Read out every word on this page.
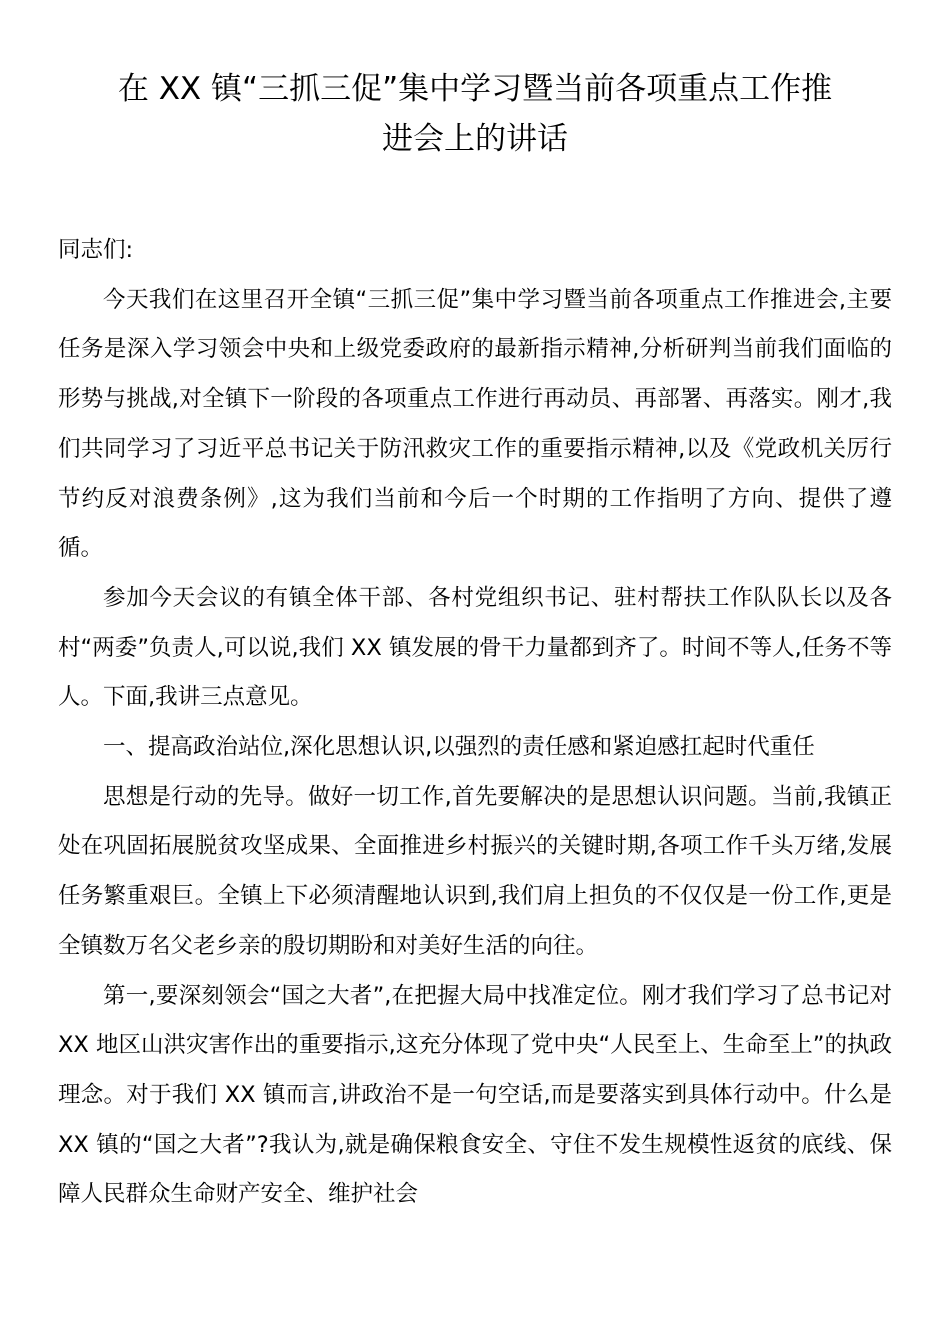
在 XX 镇“三抓三促”集中学习暨当前各项重点工作推
进会上的讲话

同志们:

今天我们在这里召开全镇“三抓三促”集中学习暨当前各项重点工作推进会,主要任务是深入学习领会中央和上级党委政府的最新指示精神,分析研判当前我们面临的形势与挑战,对全镇下一阶段的各项重点工作进行再动员、再部署、再落实。刚才,我们共同学习了习近平总书记关于防汛救灾工作的重要指示精神,以及《党政机关厉行节约反对浪费条例》,这为我们当前和今后一个时期的工作指明了方向、提供了遵循。

参加今天会议的有镇全体干部、各村党组织书记、驻村帮扶工作队队长以及各村“两委”负责人,可以说,我们 XX 镇发展的骨干力量都到齐了。时间不等人,任务不等人。下面,我讲三点意见。

一、提高政治站位,深化思想认识,以强烈的责任感和紧迫感扛起时代重任

思想是行动的先导。做好一切工作,首先要解决的是思想认识问题。当前,我镇正处在巩固拓展脱贫攻坚成果、全面推进乡村振兴的关键时期,各项工作千头万绪,发展任务繁重艰巨。全镇上下必须清醒地认识到,我们肩上担负的不仅仅是一份工作,更是全镇数万名父老乡亲的殷切期盼和对美好生活的向往。

第一,要深刻领会“国之大者”,在把握大局中找准定位。刚才我们学习了总书记对 XX 地区山洪灾害作出的重要指示,这充分体现了党中央“人民至上、生命至上”的执政理念。对于我们 XX 镇而言,讲政治不是一句空话,而是要落实到具体行动中。什么是 XX 镇的“国之大者”?我认为,就是确保粮食安全、守住不发生规模性返贫的底线、保障人民群众生命财产安全、维护社会
